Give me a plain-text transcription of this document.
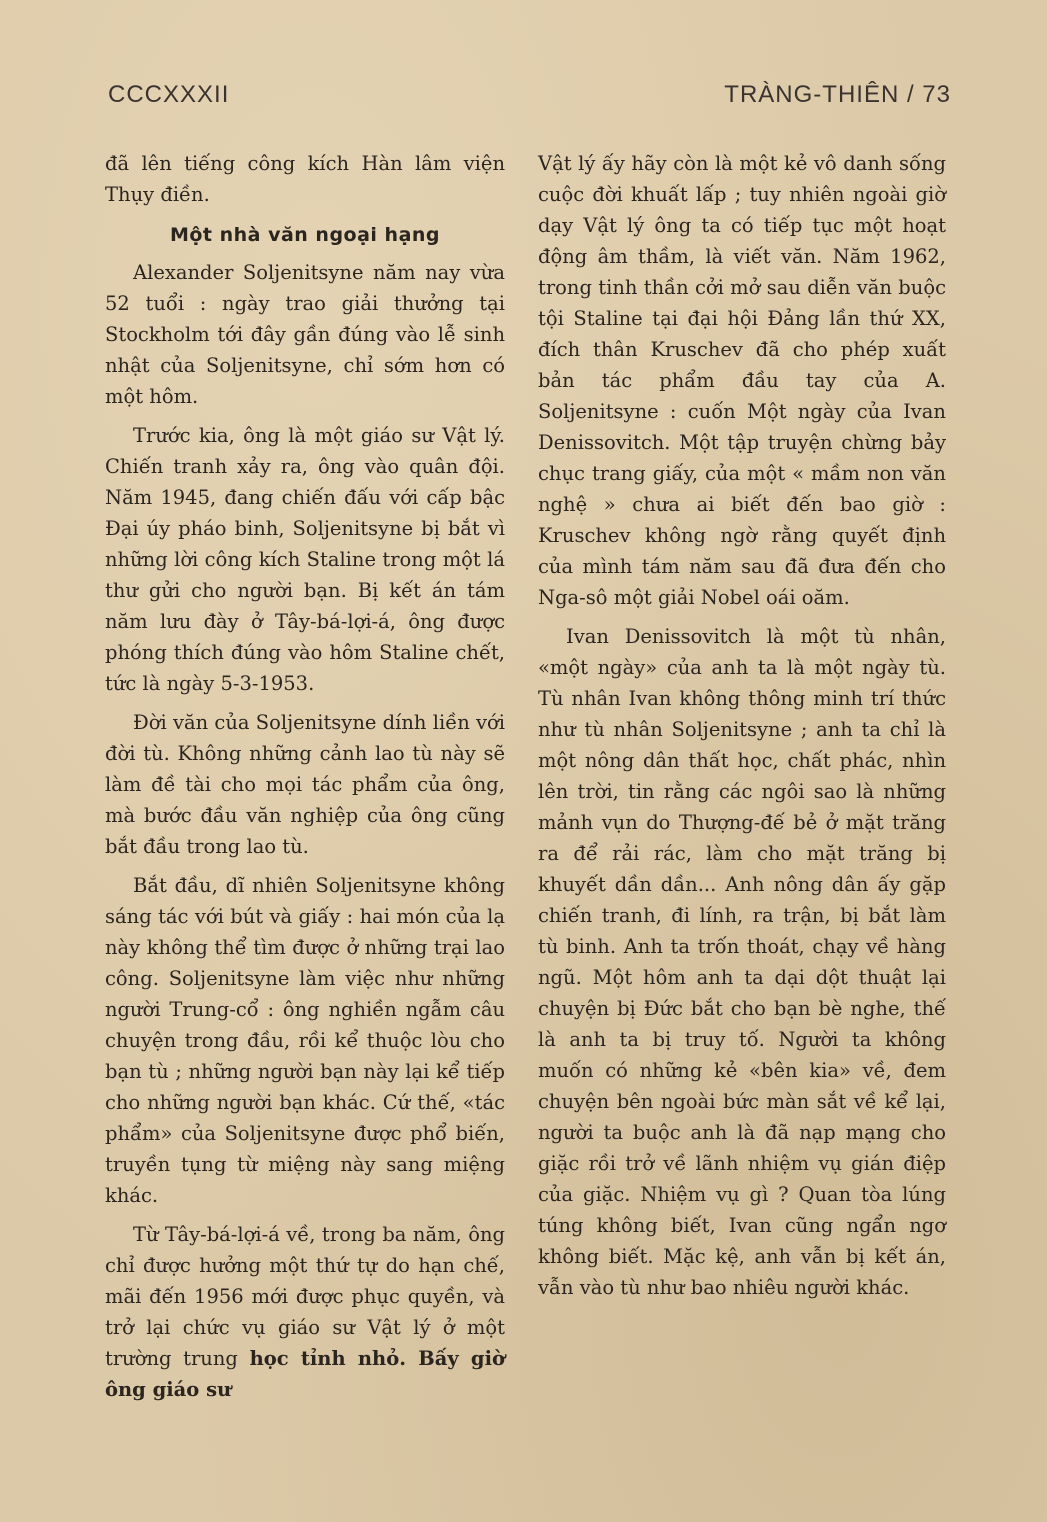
CCCXXXII	TRÀNG-THIÊN / 73

đã lên tiếng công kích Hàn lâm viện Thụy điền.

Một nhà văn ngoại hạng

Alexander Soljenitsyne năm nay vừa 52 tuổi : ngày trao giải thưởng tại Stockholm tới đây gần đúng vào lễ sinh nhật của Soljenitsyne, chỉ sớm hơn có một hôm.

Trước kia, ông là một giáo sư Vật lý. Chiến tranh xảy ra, ông vào quân đội. Năm 1945, đang chiến đấu với cấp bậc Đại úy pháo binh, Soljenitsyne bị bắt vì những lời công kích Staline trong một lá thư gửi cho người bạn. Bị kết án tám năm lưu đày ở Tây-bá-lợi-á, ông được phóng thích đúng vào hôm Staline chết, tức là ngày 5-3-1953.

Đời văn của Soljenitsyne dính liền với đời tù. Không những cảnh lao tù này sẽ làm đề tài cho mọi tác phẩm của ông, mà bước đầu văn nghiệp của ông cũng bắt đầu trong lao tù.

Bắt đầu, dĩ nhiên Soljenitsyne không sáng tác với bút và giấy : hai món của lạ này không thể tìm được ở những trại lao công. Soljenitsyne làm việc như những người Trung-cổ : ông nghiền ngẫm câu chuyện trong đầu, rồi kể thuộc lòu cho bạn tù ; những người bạn này lại kể tiếp cho những người bạn khác. Cứ thế, «tác phẩm» của Soljenitsyne được phổ biến, truyền tụng từ miệng này sang miệng khác.

Từ Tây-bá-lợi-á về, trong ba năm, ông chỉ được hưởng một thứ tự do hạn chế, mãi đến 1956 mới được phục quyền, và trở lại chức vụ giáo sư Vật lý ở một trường trung học tỉnh nhỏ. Bấy giờ ông giáo sư

Vật lý ấy hãy còn là một kẻ vô danh sống cuộc đời khuất lấp ; tuy nhiên ngoài giờ dạy Vật lý ông ta có tiếp tục một hoạt động âm thầm, là viết văn. Năm 1962, trong tinh thần cởi mở sau diễn văn buộc tội Staline tại đại hội Đảng lần thứ XX, đích thân Kruschev đã cho phép xuất bản tác phẩm đầu tay của A. Soljenitsyne : cuốn Một ngày của Ivan Denissovitch. Một tập truyện chừng bảy chục trang giấy, của một « mầm non văn nghệ » chưa ai biết đến bao giờ : Kruschev không ngờ rằng quyết định của mình tám năm sau đã đưa đến cho Nga-sô một giải Nobel oái oăm.

Ivan Denissovitch là một tù nhân, «một ngày» của anh ta là một ngày tù. Tù nhân Ivan không thông minh trí thức như tù nhân Soljenitsyne ; anh ta chỉ là một nông dân thất học, chất phác, nhìn lên trời, tin rằng các ngôi sao là những mảnh vụn do Thượng-đế bẻ ở mặt trăng ra để rải rác, làm cho mặt trăng bị khuyết dần dần... Anh nông dân ấy gặp chiến tranh, đi lính, ra trận, bị bắt làm tù binh. Anh ta trốn thoát, chạy về hàng ngũ. Một hôm anh ta dại dột thuật lại chuyện bị Đức bắt cho bạn bè nghe, thế là anh ta bị truy tố. Người ta không muốn có những kẻ «bên kia» về, đem chuyện bên ngoài bức màn sắt về kể lại, người ta buộc anh là đã nạp mạng cho giặc rồi trở về lãnh nhiệm vụ gián điệp của giặc. Nhiệm vụ gì ? Quan tòa lúng túng không biết, Ivan cũng ngẩn ngơ không biết. Mặc kệ, anh vẫn bị kết án, vẫn vào tù như bao nhiêu người khác.
